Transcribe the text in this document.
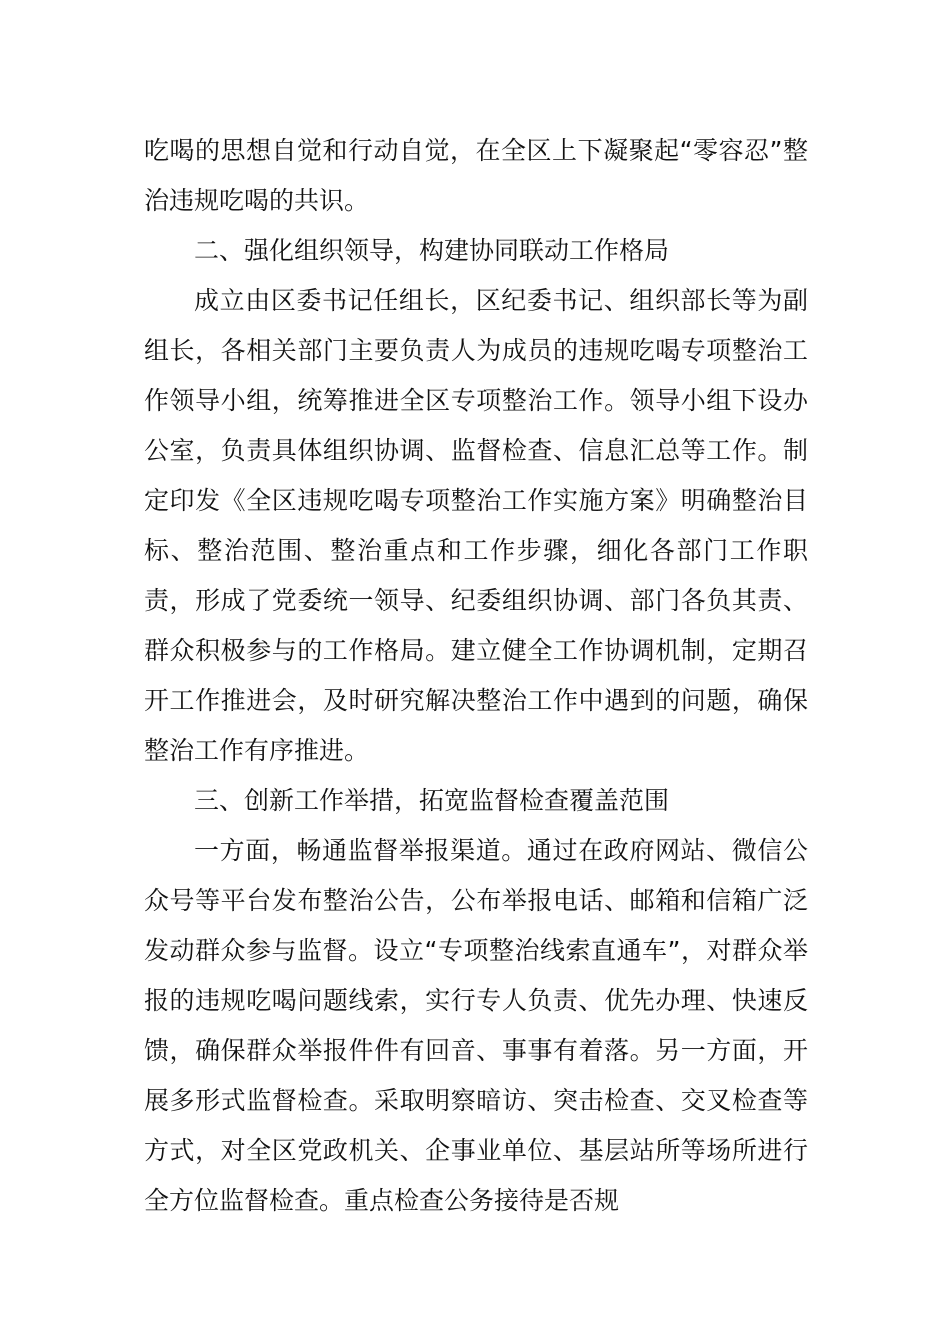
吃喝的思想自觉和行动自觉，在全区上下凝聚起“零容忍”整治违规吃喝的共识。

二、强化组织领导，构建协同联动工作格局

成立由区委书记任组长，区纪委书记、组织部长等为副组长，各相关部门主要负责人为成员的违规吃喝专项整治工作领导小组，统筹推进全区专项整治工作。领导小组下设办公室，负责具体组织协调、监督检查、信息汇总等工作。制定印发《全区违规吃喝专项整治工作实施方案》明确整治目标、整治范围、整治重点和工作步骤，细化各部门工作职责，形成了党委统一领导、纪委组织协调、部门各负其责、群众积极参与的工作格局。建立健全工作协调机制，定期召开工作推进会，及时研究解决整治工作中遇到的问题，确保整治工作有序推进。

三、创新工作举措，拓宽监督检查覆盖范围

一方面，畅通监督举报渠道。通过在政府网站、微信公众号等平台发布整治公告，公布举报电话、邮箱和信箱广泛发动群众参与监督。设立“专项整治线索直通车”，对群众举报的违规吃喝问题线索，实行专人负责、优先办理、快速反馈，确保群众举报件件有回音、事事有着落。另一方面，开展多形式监督检查。采取明察暗访、突击检查、交叉检查等方式，对全区党政机关、企事业单位、基层站所等场所进行全方位监督检查。重点检查公务接待是否规
